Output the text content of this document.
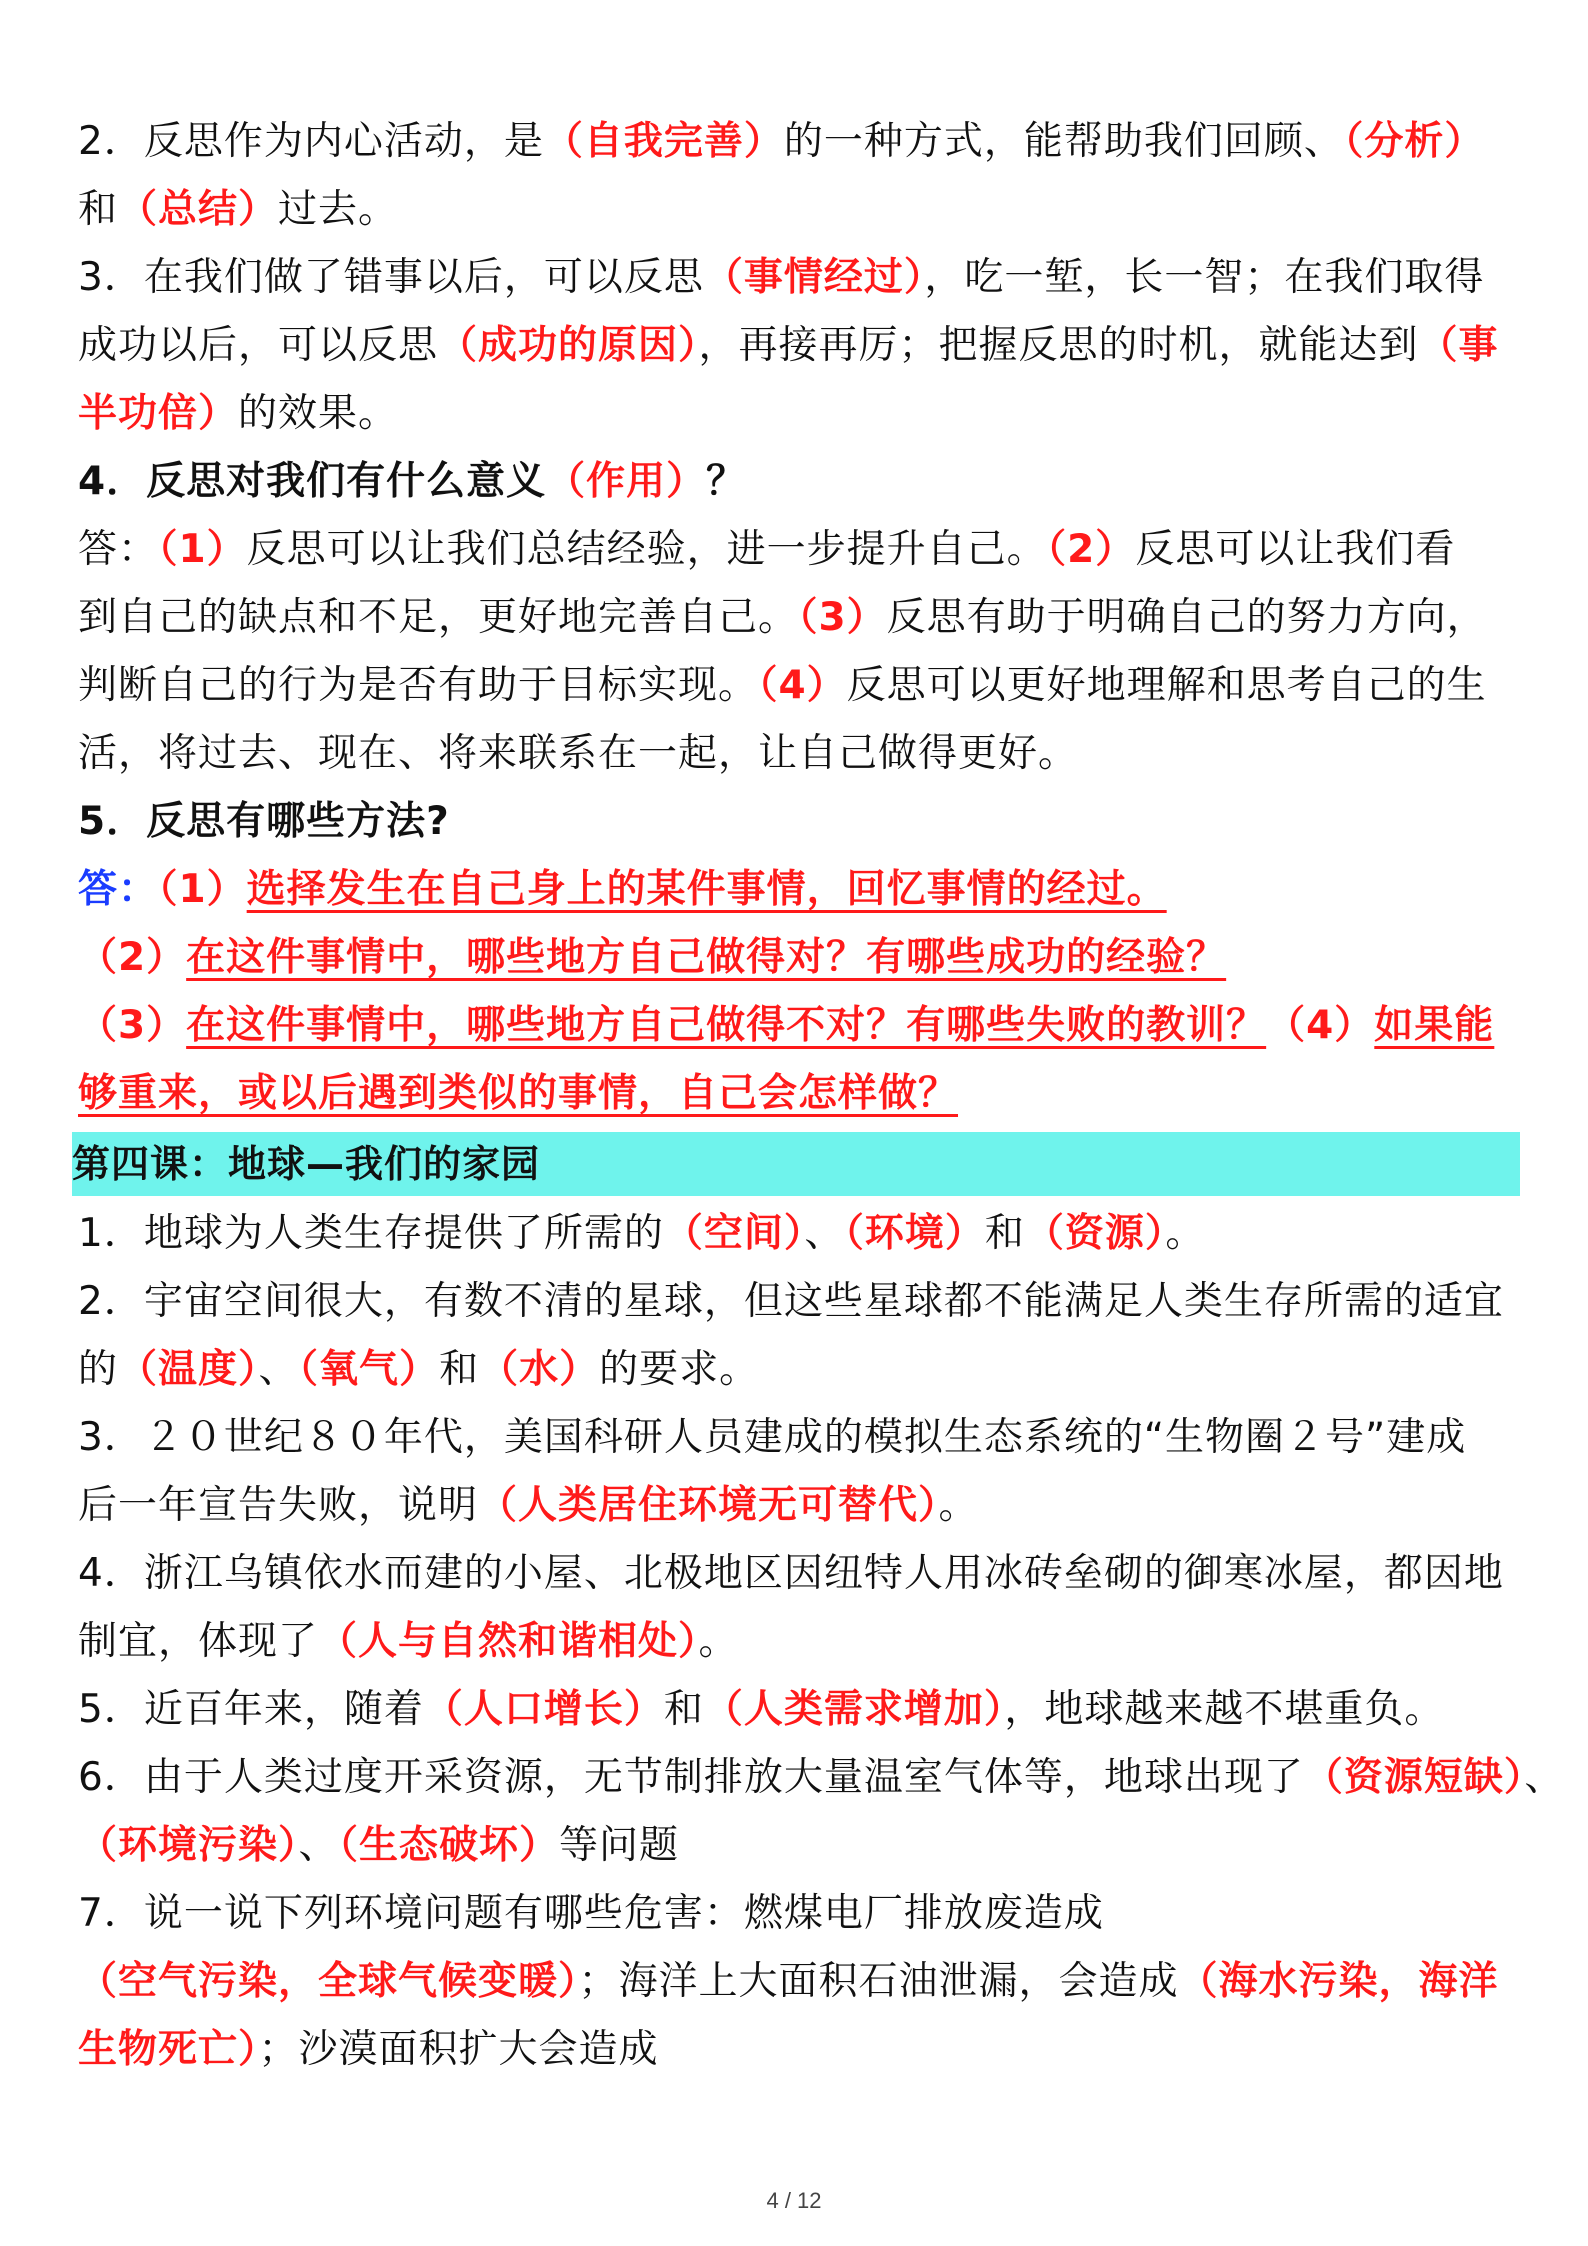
2．反思作为内心活动，是（自我完善）的一种方式，能帮助我们回顾、（分析）
和（总结）过去。
3．在我们做了错事以后，可以反思（事情经过），吃一堑，长一智；在我们取得
成功以后，可以反思（成功的原因），再接再厉；把握反思的时机，就能达到（事
半功倍）的效果。
4．反思对我们有什么意义（作用）？
答：（1）反思可以让我们总结经验，进一步提升自己。（2）反思可以让我们看
到自己的缺点和不足，更好地完善自己。（3）反思有助于明确自己的努力方向，
判断自己的行为是否有助于目标实现。（4）反思可以更好地理解和思考自己的生
活，将过去、现在、将来联系在一起，让自己做得更好。
5．反思有哪些方法?
答：（1）选择发生在自己身上的某件事情，回忆事情的经过。
（2）在这件事情中，哪些地方自己做得对？有哪些成功的经验？
（3）在这件事情中，哪些地方自己做得不对？有哪些失败的教训？（4）如果能
够重来，或以后遇到类似的事情，自己会怎样做？
第四课：地球—我们的家园
1．地球为人类生存提供了所需的（空间）、（环境）和（资源）。
2．宇宙空间很大，有数不清的星球，但这些星球都不能满足人类生存所需的适宜
的（温度）、（氧气）和（水）的要求。
3．２０世纪８０年代，美国科研人员建成的模拟生态系统的“生物圈２号”建成
后一年宣告失败，说明（人类居住环境无可替代）。
4．浙江乌镇依水而建的小屋、北极地区因纽特人用冰砖垒砌的御寒冰屋，都因地
制宜，体现了（人与自然和谐相处）。
5．近百年来，随着（人口增长）和（人类需求增加），地球越来越不堪重负。
6．由于人类过度开采资源，无节制排放大量温室气体等，地球出现了（资源短缺）、
（环境污染）、（生态破坏）等问题
7．说一说下列环境问题有哪些危害：燃煤电厂排放废造成
（空气污染，全球气候变暖）；海洋上大面积石油泄漏，会造成（海水污染，海洋
生物死亡）；沙漠面积扩大会造成
4 / 12
